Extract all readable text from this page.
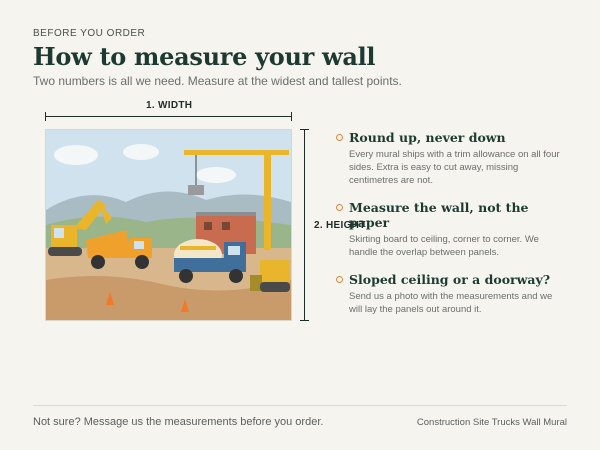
BEFORE YOU ORDER
How to measure your wall

Two numbers is all we need. Measure at the widest and tallest points.

1. WIDTH
2. HEIGHT
Round up, never down
Every mural ships with a trim allowance on all four sides. Extra is easy to cut away, missing centimetres are not.
Measure the wall, not the paper
Skirting board to ceiling, corner to corner. We handle the overlap between panels.
Sloped ceiling or a doorway?
Send us a photo with the measurements and we will lay the panels out around it.
Not sure? Message us the measurements before you order.	Construction Site Trucks Wall Mural
